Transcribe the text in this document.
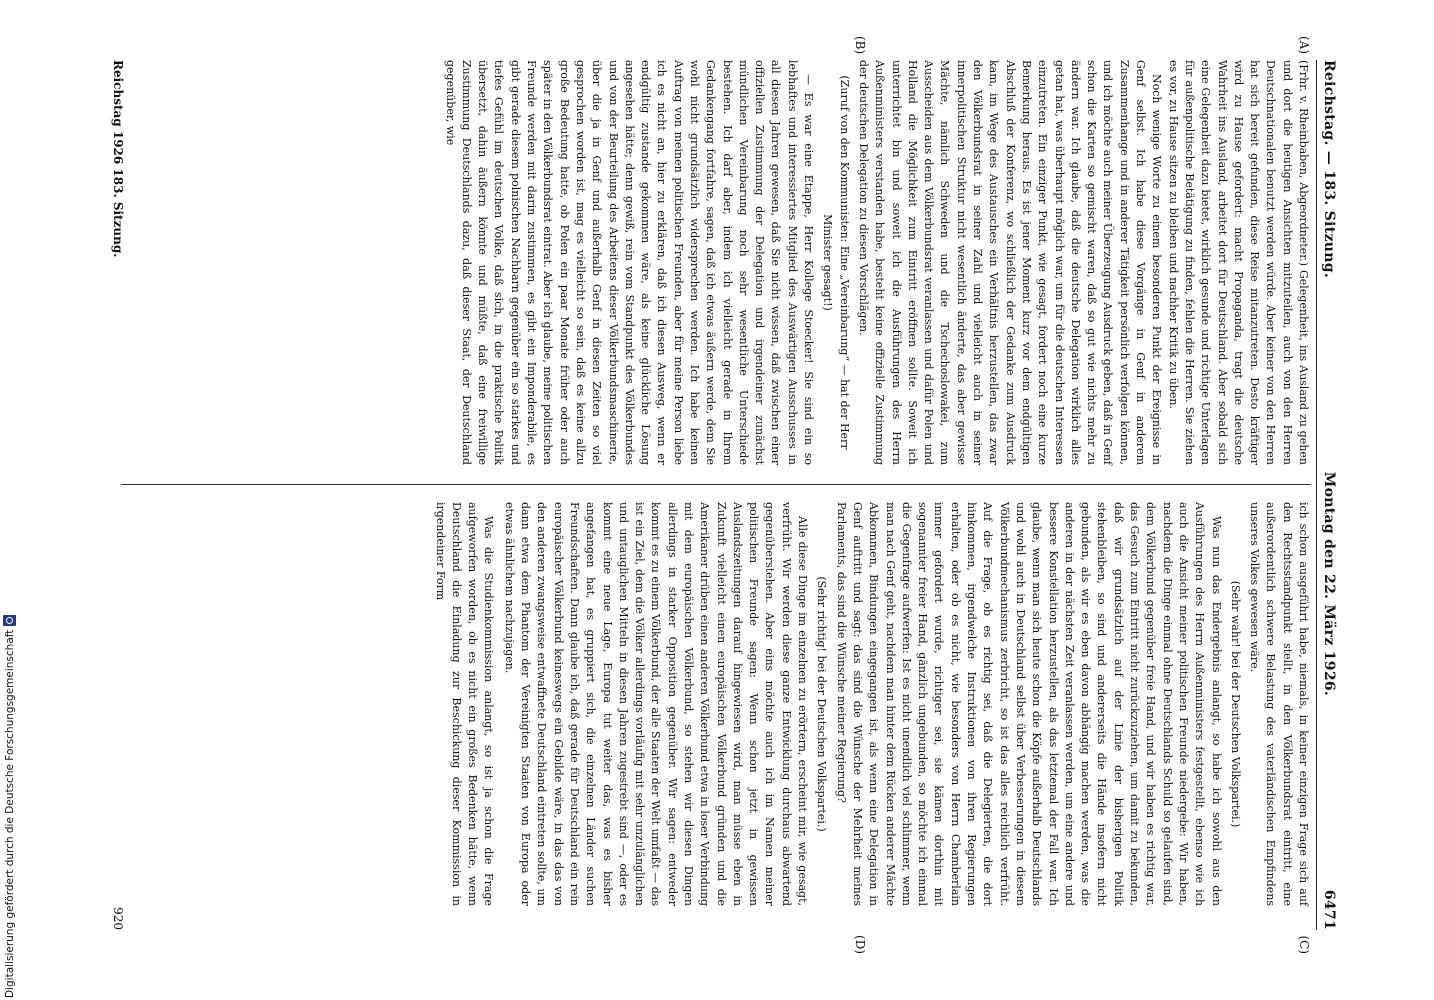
Reichstag. — 183. Sitzung.
Montag den 22. März 1926.
6471
(A)
(B)
(C)
(D)

(Frhr. v. Rheinbaben, Abgeordneter.) Gelegenheit, ins Ausland zu gehen und dort die heutigen Ansichten mitzuteilen, auch von den Herren Deutschnationalen benutzt werden würde. Aber keiner von den Herren hat sich bereit gefunden, diese Reise mitanzutreten. Desto kräftiger wird zu Hause gefordert: macht Propaganda, tragt die deutsche Wahrheit ins Ausland, arbeitet dort für Deutschland. Aber sobald sich eine Gelegenheit dazu bietet, wirklich gesunde und richtige Unterlagen für außenpolitische Betätigung zu finden, fehlen die Herren. Sie ziehen es vor, zu Hause sitzen zu bleiben und nachher Kritik zu üben.

Noch wenige Worte zu einem besonderen Punkt der Ereignisse in Genf selbst. Ich habe diese Vorgänge in Genf in anderem Zusammenhange und in anderer Tätigkeit persönlich verfolgen können, und ich möchte auch meiner Überzeugung Ausdruck geben, daß in Genf schon die Karten so gemischt waren, daß so gut wie nichts mehr zu ändern war. Ich glaube, daß die deutsche Delegation wirklich alles getan hat, was überhaupt möglich war, um für die deutschen Interessen einzutreten. Ein einziger Punkt, wie gesagt, fordert noch eine kurze Bemerkung heraus. Es ist jener Moment kurz vor dem endgültigen Abschluß der Konferenz, wo schließlich der Gedanke zum Ausdruck kam, im Wege des Austausches ein Verhältnis herzustellen, das zwar den Völkerbundsrat in seiner Zahl und vielleicht auch in seiner innerpolitischen Struktur nicht wesentlich änderte, das aber gewisse Mächte, nämlich Schweden und die Tschechoslowakei, zum Ausscheiden aus dem Völkerbundsrat veranlassen und dafür Polen und Holland die Möglichkeit zum Eintritt eröffnen sollte. Soweit ich unterrichtet bin und soweit ich die Ausführungen des Herrn Außenministers verstanden habe, besteht keine offizielle Zustimmung der deutschen Delegation zu diesen Vorschlägen.

(Zuruf von den Kommunisten: Eine „Vereinbarung“ — hat der Herr Minister gesagt!)

— Es war eine Etappe, Herr Kollege Stoecker! Sie sind ein so lebhaftes und interessiertes Mitglied des Auswärtigen Ausschusses in all diesen Jahren gewesen, daß Sie nicht wissen, daß zwischen einer offiziellen Zustimmung der Delegation und irgendeiner zunächst mündlichen Vereinbarung noch sehr wesentliche Unterschiede bestehen. Ich darf aber, indem ich vielleicht gerade in Ihrem Gedankengang fortfahre, sagen, daß ich etwas äußern werde, dem Sie wohl nicht grundsätzlich widersprechen werden. Ich habe keinen Auftrag von meinen politischen Freunden, aber für meine Person liebe ich es nicht an, hier zu erklären, daß ich diesen Ausweg, wenn er endgültig zustande gekommen wäre, als keine glückliche Lösung angesehen hätte; denn gewiß, rein vom Standpunkt des Völkerbundes und von der Beurteilung des Arbeitens dieser Völkerbundsmaschinerie, über die ja in Genf und außerhalb Genf in diesen Zeiten so viel gesprochen worden ist, mag es vielleicht so sein, daß es keine allzu große Bedeutung hatte, ob Polen ein paar Monate früher oder auch später in den Völkerbundsrat eintrat. Aber ich glaube, meine politischen Freunde werden mit darin zustimmen, es gibt ein Imponderabile, es gibt gerade diesem polnischen Nachbarn gegenüber ein so starkes und tiefes Gefühl im deutschen Volke, daß sich, in die praktische Politik übersetzt, dahin äußern könnte und müßte, daß eine freiwillige Zustimmung Deutschlands dazu, daß dieser Staat, der Deutschland gegenüber, wie

ich schon ausgeführt habe, niemals, in keiner einzigen Frage sich auf den Rechtsstandpunkt stellt, in den Völkerbundsrat eintritt, eine außerordentlich schwere Belastung des vaterländischen Empfindens unseres Volkes gewesen wäre.

(Sehr wahr! bei der Deutschen Volkspartei.)

Was nun das Endergebnis anlangt, so habe ich sowohl aus den Ausführungen des Herrn Außenministers festgestellt, ebenso wie ich auch die Ansicht meiner politischen Freunde niedergebe: Wir haben, nachdem die Dinge einmal ohne Deutschlands Schuld so gelaufen sind, dem Völkerbund gegenüber freie Hand, und wir haben es richtig war, das Gesuch zum Eintritt nicht zurückzuziehen, um damit zu bekunden, daß wir grundsätzlich auf der Linie der bisherigen Politik stehenbleiben, so sind und andererseits die Hände insofern nicht gebunden, als wir es eben davon abhängig machen werden, was die anderen in der nächsten Zeit veranlassen werden, um eine andere und bessere Konstellation herzustellen, als das letztemal der Fall war. Ich glaube, wenn man sich heute schon die Köpfe außerhalb Deutschlands und wohl auch in Deutschland selbst über Verbesserungen in diesem Völkerbundmechanismus zerbricht, so ist das alles reichlich verfrüht. Auf die Frage, ob es richtig sei, daß die Delegierten, die dort hinkommen, irgendwelche Instruktionen von ihren Regierungen erhalten, oder ob es nicht, wie besonders von Herrn Chamberlain immer gefordert wurde, richtiger sei, sie kämen dorthin mit sogenannter freier Hand, gänzlich ungebunden, so möchte ich einmal die Gegenfrage aufwerfen: Ist es nicht unendlich viel schlimmer, wenn man nach Genf geht, nachdem man hinter dem Rücken anderer Mächte Abkommen, Bindungen eingegangen ist, als wenn eine Delegation in Genf auftritt und sagt: das sind die Wünsche der Mehrheit meines Parlaments, das sind die Wünsche meiner Regierung?

(Sehr richtig! bei der Deutschen Volkspartei.)

Alle diese Dinge im einzelnen zu erörtern, erscheint mir, wie gesagt, verfrüht. Wir werden diese ganze Entwicklung durchaus abwartend gegenüberstehen. Aber eins möchte auch ich im Namen meiner politischen Freunde sagen: Wenn schon jetzt in gewissen Auslandszeitungen darauf hingewiesen wird, man müsse eben in Zukunft vielleicht einen europäischen Völkerbund gründen und die Amerikaner drüben einen anderen Völkerbund etwa in loser Verbindung mit dem europäischen Völkerbund, so stehen wir diesen Dingen allerdings in starker Opposition gegenüber. Wir sagen: entweder kommt es zu einem Völkerbund, der alle Staaten der Welt umfaßt — das ist ein Ziel, dem die Völker allerdings vorläufig mit sehr unzulänglichen und untauglichen Mitteln in diesen Jahren zugestrebt sind —, oder es kommt eine neue Lage, Europa tut weiter das, was es bisher angefangen hat, es gruppiert sich, die einzelnen Länder suchen Freundschaften. Dann glaube ich, daß gerade für Deutschland ein rein europäischer Völkerbund keineswegs ein Gebilde wäre, in das das von den anderen zwangsweise entwaffnete Deutschland eintreten sollte, um dann etwa dem Phantom der Vereinigten Staaten von Europa oder etwas ähnlichem nachzujagen.

Was die Studienkommission anlangt, so ist ja schon die Frage aufgeworfen worden, ob es nicht ein großes Bedenken hätte, wenn Deutschland die Einladung zur Beschickung dieser Kommission in irgendeiner Form

Reichstag 1926 183. Sitzung.
920
Digitalisierung gefördert durch die Deutsche Forschungsgemeinschaft
